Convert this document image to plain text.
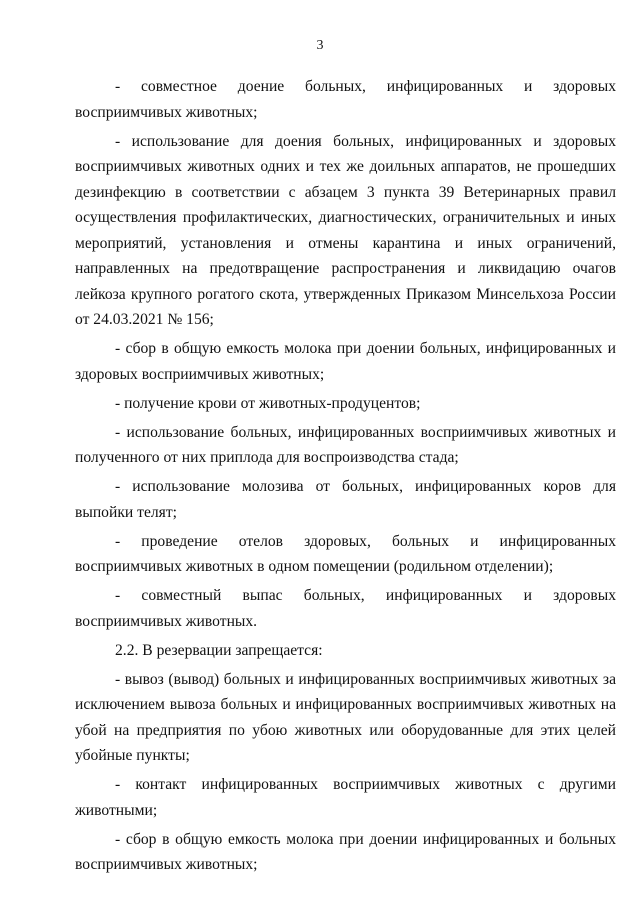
3

- совместное доение больных, инфицированных и здоровых восприимчивых животных;

- использование для доения больных, инфицированных и здоровых восприимчивых животных одних и тех же доильных аппаратов, не прошедших дезинфекцию в соответствии с абзацем 3 пункта 39 Ветеринарных правил осуществления профилактических, диагностических, ограничительных и иных мероприятий, установления и отмены карантина и иных ограничений, направленных на предотвращение распространения и ликвидацию очагов лейкоза крупного рогатого скота, утвержденных Приказом Минсельхоза России от 24.03.2021 № 156;

- сбор в общую емкость молока при доении больных, инфицированных и здоровых восприимчивых животных;

- получение крови от животных-продуцентов;

- использование больных, инфицированных восприимчивых животных и полученного от них приплода для воспроизводства стада;

- использование молозива от больных, инфицированных коров для выпойки телят;

- проведение отелов здоровых, больных и инфицированных восприимчивых животных в одном помещении (родильном отделении);

- совместный выпас больных, инфицированных и здоровых восприимчивых животных.

2.2. В резервации запрещается:

- вывоз (вывод) больных и инфицированных восприимчивых животных за исключением вывоза больных и инфицированных восприимчивых животных на убой на предприятия по убою животных или оборудованные для этих целей убойные пункты;

- контакт инфицированных восприимчивых животных с другими животными;

- сбор в общую емкость молока при доении инфицированных и больных восприимчивых животных;
